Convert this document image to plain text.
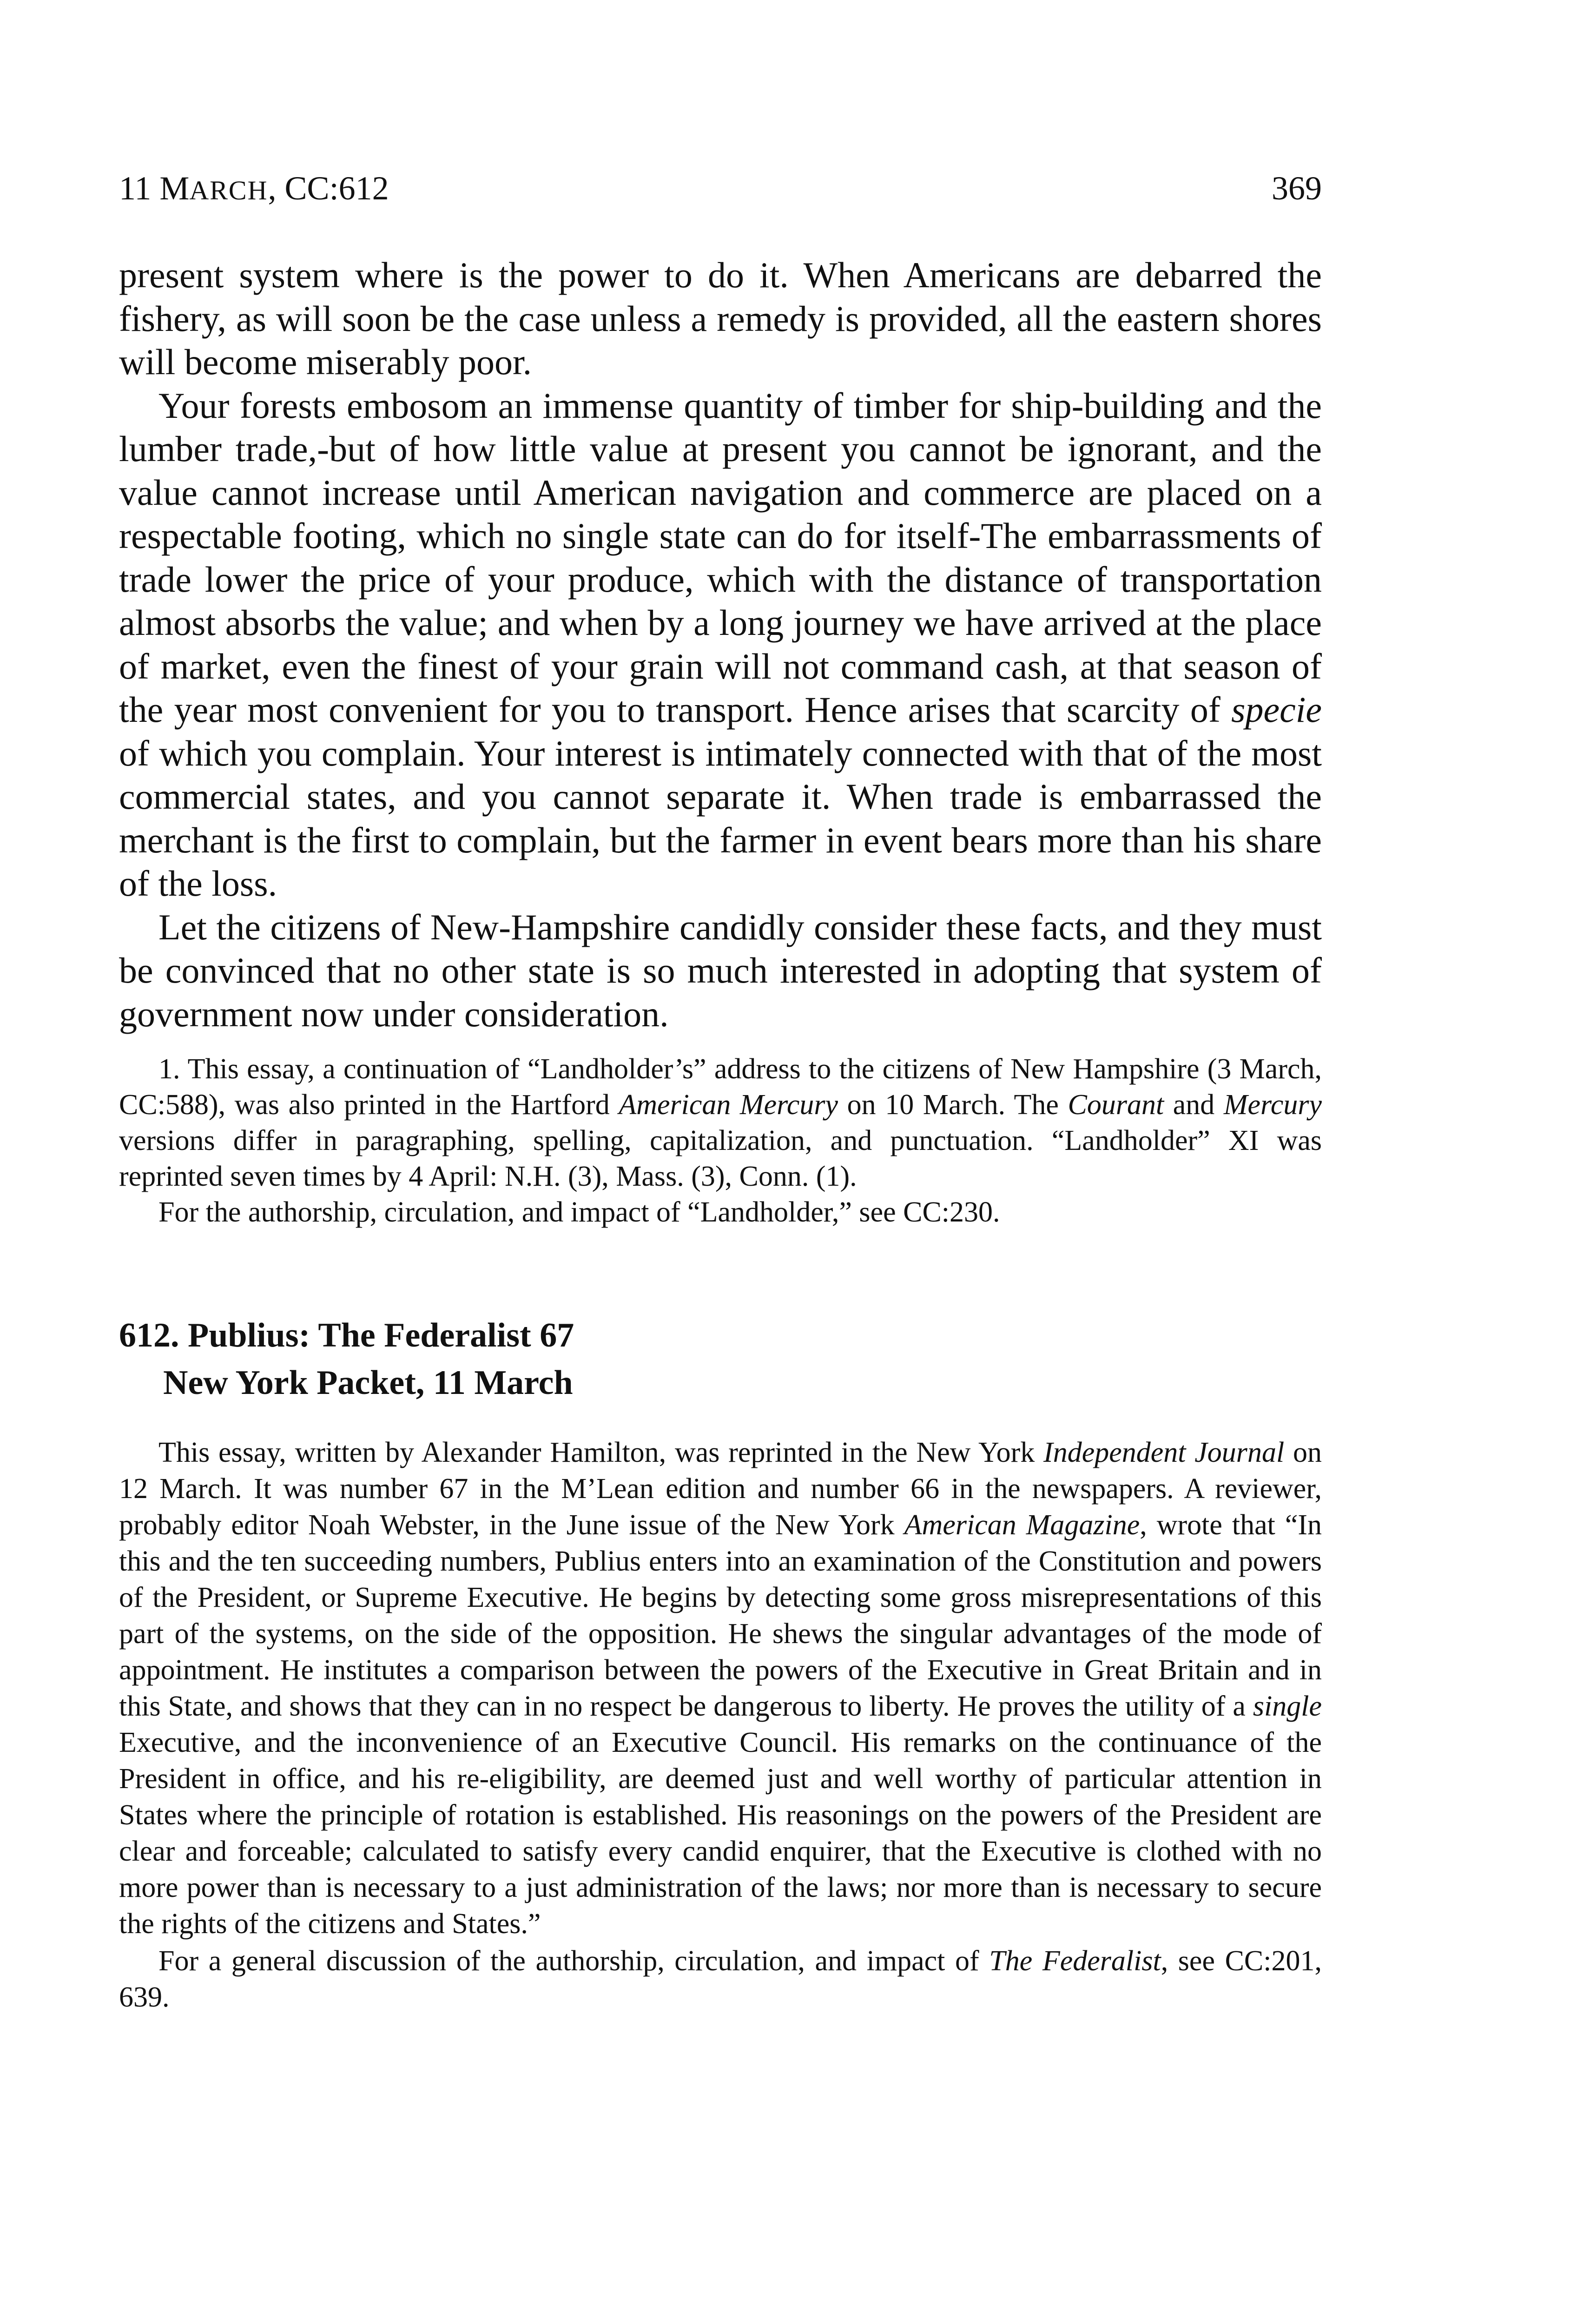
11 MARCH, CC:612	369

present system where is the power to do it. When Americans are debarred the fishery, as will soon be the case unless a remedy is provided, all the eastern shores will become miserably poor.

Your forests embosom an immense quantity of timber for ship-building and the lumber trade,-but of how little value at present you cannot be ignorant, and the value cannot increase until American navigation and commerce are placed on a respectable footing, which no single state can do for itself-The embarrassments of trade lower the price of your produce, which with the distance of transportation almost absorbs the value; and when by a long journey we have arrived at the place of market, even the finest of your grain will not command cash, at that season of the year most convenient for you to transport. Hence arises that scarcity of specie of which you complain. Your interest is intimately connected with that of the most commercial states, and you cannot separate it. When trade is embarrassed the merchant is the first to complain, but the farmer in event bears more than his share of the loss.

Let the citizens of New-Hampshire candidly consider these facts, and they must be convinced that no other state is so much interested in adopting that system of government now under consideration.

1. This essay, a continuation of “Landholder’s” address to the citizens of New Hampshire (3 March, CC:588), was also printed in the Hartford American Mercury on 10 March. The Courant and Mercury versions differ in paragraphing, spelling, capitalization, and punctuation. “Landholder” XI was reprinted seven times by 4 April: N.H. (3), Mass. (3), Conn. (1).

For the authorship, circulation, and impact of “Landholder,” see CC:230.

612. Publius: The Federalist 67
New York Packet, 11 March

This essay, written by Alexander Hamilton, was reprinted in the New York Independent Journal on 12 March. It was number 67 in the M’Lean edition and number 66 in the newspapers. A reviewer, probably editor Noah Webster, in the June issue of the New York American Magazine, wrote that “In this and the ten succeeding numbers, Publius enters into an examination of the Constitution and powers of the President, or Supreme Executive. He begins by detecting some gross misrepresentations of this part of the systems, on the side of the opposition. He shews the singular advantages of the mode of appointment. He institutes a comparison between the powers of the Executive in Great Britain and in this State, and shows that they can in no respect be dangerous to liberty. He proves the utility of a single Executive, and the inconvenience of an Executive Council. His remarks on the continuance of the President in office, and his re-eligibility, are deemed just and well worthy of particular attention in States where the principle of rotation is established. His reasonings on the powers of the President are clear and forceable; calculated to satisfy every candid enquirer, that the Executive is clothed with no more power than is necessary to a just administration of the laws; nor more than is necessary to secure the rights of the citizens and States.”

For a general discussion of the authorship, circulation, and impact of The Federalist, see CC:201, 639.
